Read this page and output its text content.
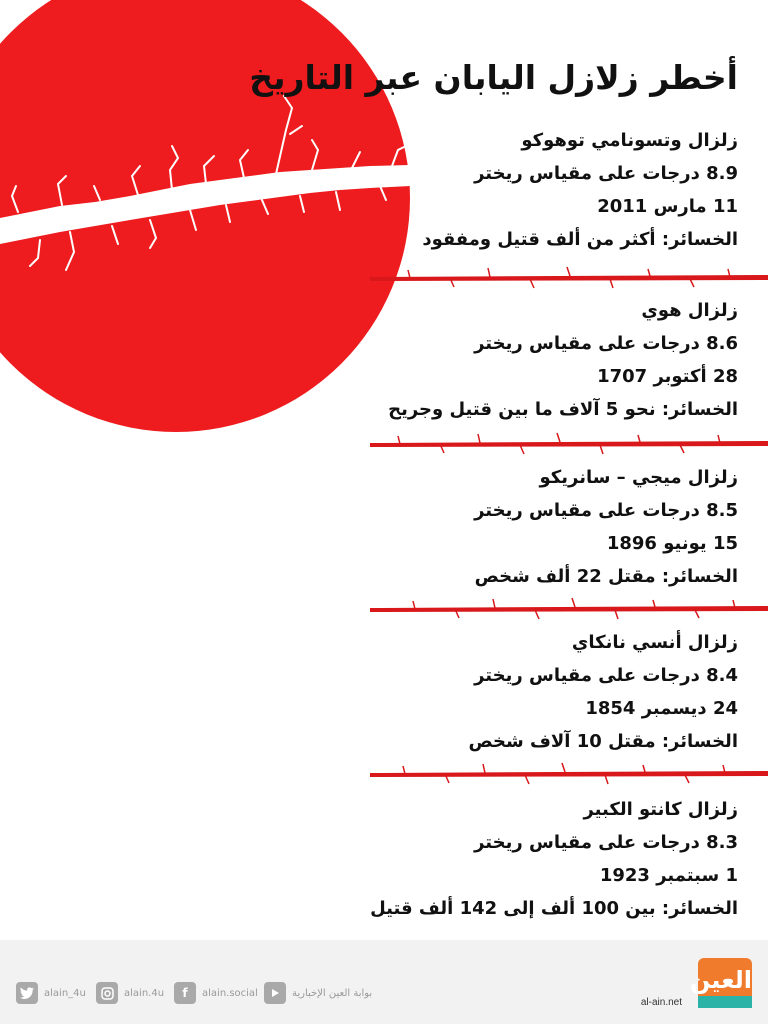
أخطر زلازل اليابان عبر التاريخ
زلزال وتسونامي توهوكو
8.9 درجات على مقياس ريختر
11 مارس 2011
الخسائر: أكثر من ألف قتيل ومفقود
زلزال هوي
8.6 درجات على مقياس ريختر
28 أكتوبر 1707
الخسائر: نحو 5 آلاف ما بين قتيل وجريح
زلزال ميجي – سانريكو
8.5 درجات على مقياس ريختر
15 يونيو 1896
الخسائر: مقتل 22 ألف شخص
زلزال أنسي نانكاي
8.4 درجات على مقياس ريختر
24 ديسمبر 1854
الخسائر: مقتل 10 آلاف شخص
زلزال كانتو الكبير
8.3 درجات على مقياس ريختر
1 سبتمبر 1923
الخسائر: بين 100 ألف إلى 142 ألف قتيل
alain_4u	alain.4u	f	alain.social	بوابة العين الإخبارية
al-ain.net
العين
